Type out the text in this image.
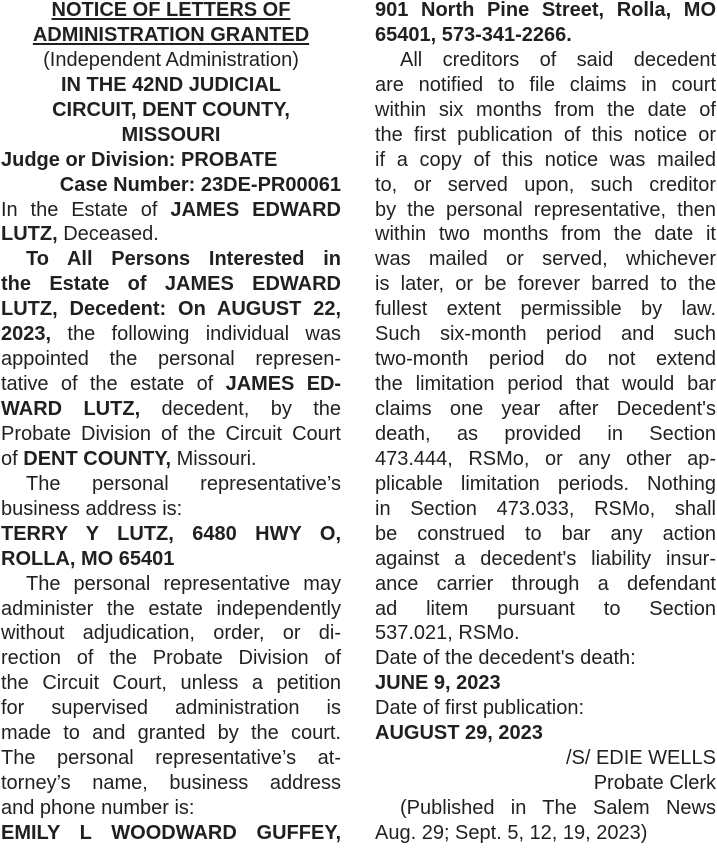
NOTICE OF LETTERS OF
ADMINISTRATION GRANTED
(Independent Administration)
IN THE 42ND JUDICIAL
CIRCUIT, DENT COUNTY,
MISSOURI
Judge or Division: PROBATE
Case Number: 23DE-PR00061
In the Estate of JAMES EDWARD
LUTZ, Deceased.
To All Persons Interested in
the Estate of JAMES EDWARD
LUTZ, Decedent: On AUGUST 22,
2023, the following individual was
appointed the personal represen-
tative of the estate of JAMES ED-
WARD LUTZ, decedent, by the
Probate Division of the Circuit Court
of DENT COUNTY, Missouri.
The personal representative’s
business address is:
TERRY Y LUTZ, 6480 HWY O,
ROLLA, MO 65401
The personal representative may
administer the estate independently
without adjudication, order, or di-
rection of the Probate Division of
the Circuit Court, unless a petition
for supervised administration is
made to and granted by the court.
The personal representative’s at-
torney’s name, business address
and phone number is:
EMILY L WOODWARD GUFFEY,
901 North Pine Street, Rolla, MO
65401, 573-341-2266.
All creditors of said decedent
are notified to file claims in court
within six months from the date of
the first publication of this notice or
if a copy of this notice was mailed
to, or served upon, such creditor
by the personal representative, then
within two months from the date it
was mailed or served, whichever
is later, or be forever barred to the
fullest extent permissible by law.
Such six-month period and such
two-month period do not extend
the limitation period that would bar
claims one year after Decedent's
death, as provided in Section
473.444, RSMo, or any other ap-
plicable limitation periods. Nothing
in Section 473.033, RSMo, shall
be construed to bar any action
against a decedent's liability insur-
ance carrier through a defendant
ad litem pursuant to Section
537.021, RSMo.
Date of the decedent's death:
JUNE 9, 2023
Date of first publication:
AUGUST 29, 2023
/S/ EDIE WELLS
Probate Clerk
(Published in The Salem News
Aug. 29; Sept. 5, 12, 19, 2023)
